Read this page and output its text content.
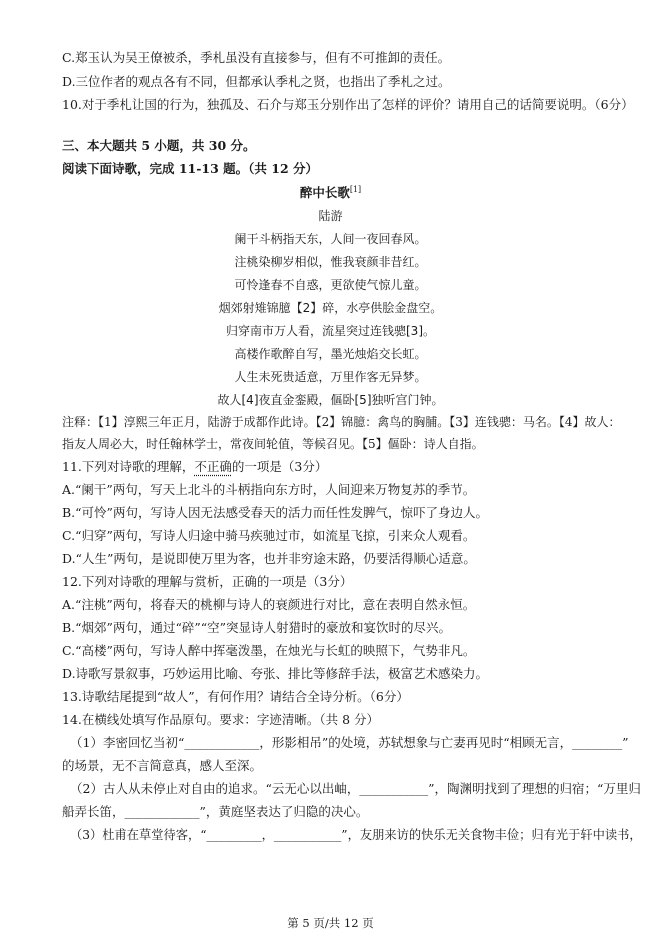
C.郑玉认为吴王僚被杀，季札虽没有直接参与，但有不可推卸的责任。
D.三位作者的观点各有不同，但都承认季札之贤，也指出了季札之过。
10.对于季札让国的行为，独孤及、石介与郑玉分别作出了怎样的评价？请用自己的话简要说明。（6分）
三、本大题共 5 小题，共 30 分。
阅读下面诗歌，完成 11-13 题。（共 12 分）
醉中长歌[1]
陆游
阑干斗柄指天东，人间一夜回春风。
注桃染柳岁相似，惟我衰颜非昔红。
可怜逢春不自惑，更欲使气惊儿童。
烟郊射雉锦臆【2】碎，水亭供脍金盘空。
归穿南市万人看，流星突过连钱骢[3]。
高楼作歌醉自写，墨光烛焰交长虹。
人生未死贵适意，万里作客无异梦。
故人[4]夜直金銮殿，傴卧[5]独听宫门钟。
注释：【1】淳熙三年正月，陆游于成都作此诗。【2】锦臆：禽鸟的胸脯。【3】连钱骢：马名。【4】故人：
指友人周必大，时任翰林学士，常夜间轮值，等候召见。【5】傴卧：诗人自指。
11.下列对诗歌的理解，不正确的一项是（3分）
A.“阑干”两句，写天上北斗的斗柄指向东方时，人间迎来万物复苏的季节。
B.“可怜”两句，写诗人因无法感受春天的活力而任性发脾气，惊吓了身边人。
C.“归穿”两句，写诗人归途中骑马疾驰过市，如流星飞掠，引来众人观看。
D.“人生”两句，是说即使万里为客，也并非穷途末路，仍要活得顺心适意。
12.下列对诗歌的理解与赏析，正确的一项是（3分）
A.“注桃”两句，将春天的桃柳与诗人的衰颜进行对比，意在表明自然永恒。
B.“烟郊”两句，通过“碎”“空”突显诗人射猎时的豪放和宴饮时的尽兴。
C.“高楼”两句，写诗人醉中挥毫泼墨，在烛光与长虹的映照下，气势非凡。
D.诗歌写景叙事，巧妙运用比喻、夸张、排比等修辞手法，极富艺术感染力。
13.诗歌结尾提到“故人”，有何作用？请结合全诗分析。（6分）
14.在横线处填写作品原句。要求：字迹清晰。（共 8 分）
（1）李密回忆当初“____________，形影相吊”的处境，苏轼想象与亡妻再见时“相顾无言，________”
的场景，无不言简意真，感人至深。
（2）古人从未停止对自由的追求。“云无心以出岫，___________”，陶渊明找到了理想的归宿；“万里归
船弄长笛，____________”，黄庭坚表达了归隐的决心。
（3）杜甫在草堂待客，“_________，___________”，友朋来访的快乐无关食物丰俭；归有光于轩中读书，
第 5 页/共 12 页
